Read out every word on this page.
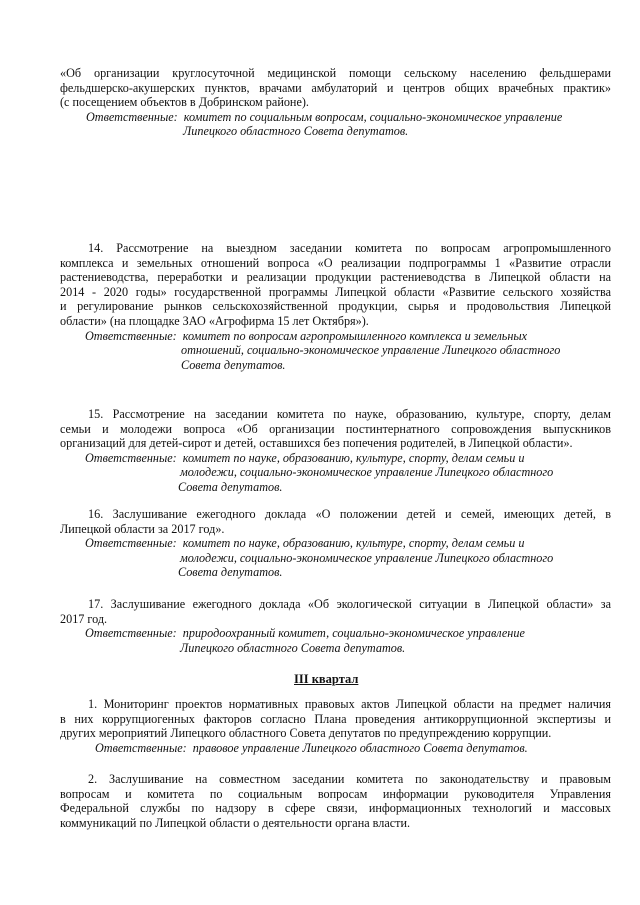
«Об организации круглосуточной медицинской помощи сельскому населению фельдшерами

фельдшерско-акушерских пунктов, врачами амбулаторий и центров общих врачебных практик»

(с посещением объектов в Добринском районе).

Ответственные: комитет по социальным вопросам, социально-экономическое управление

Липецкого областного Совета депутатов.

14. Рассмотрение на выездном заседании комитета по вопросам агропромышленного

комплекса и земельных отношений вопроса «О реализации подпрограммы 1 «Развитие отрасли

растениеводства, переработки и реализации продукции растениеводства в Липецкой области на

2014 - 2020 годы» государственной программы Липецкой области «Развитие сельского хозяйства

и регулирование рынков сельскохозяйственной продукции, сырья и продовольствия Липецкой

области» (на площадке ЗАО «Агрофирма 15 лет Октября»).

Ответственные: комитет по вопросам агропромышленного комплекса и земельных

отношений, социально-экономическое управление Липецкого областного

Совета депутатов.

15. Рассмотрение на заседании комитета по науке, образованию, культуре, спорту, делам

семьи и молодежи вопроса «Об организации постинтернатного сопровождения выпускников

организаций для детей-сирот и детей, оставшихся без попечения родителей, в Липецкой области».

Ответственные: комитет по науке, образованию, культуре, спорту, делам семьи и

молодежи, социально-экономическое управление Липецкого областного

Совета депутатов.

16. Заслушивание ежегодного доклада «О положении детей и семей, имеющих детей, в

Липецкой области за 2017 год».

Ответственные: комитет по науке, образованию, культуре, спорту, делам семьи и

молодежи, социально-экономическое управление Липецкого областного

Совета депутатов.

17. Заслушивание ежегодного доклада «Об экологической ситуации в Липецкой области» за

2017 год.

Ответственные: природоохранный комитет, социально-экономическое управление

Липецкого областного Совета депутатов.

III квартал

1. Мониторинг проектов нормативных правовых актов Липецкой области на предмет наличия

в них коррупциогенных факторов согласно Плана проведения антикоррупционной экспертизы и

других мероприятий Липецкого областного Совета депутатов по предупреждению коррупции.

Ответственные: правовое управление Липецкого областного Совета депутатов.

2. Заслушивание на совместном заседании комитета по законодательству и правовым

вопросам и комитета по социальным вопросам информации руководителя Управления

Федеральной службы по надзору в сфере связи, информационных технологий и массовых

коммуникаций по Липецкой области о деятельности органа власти.
